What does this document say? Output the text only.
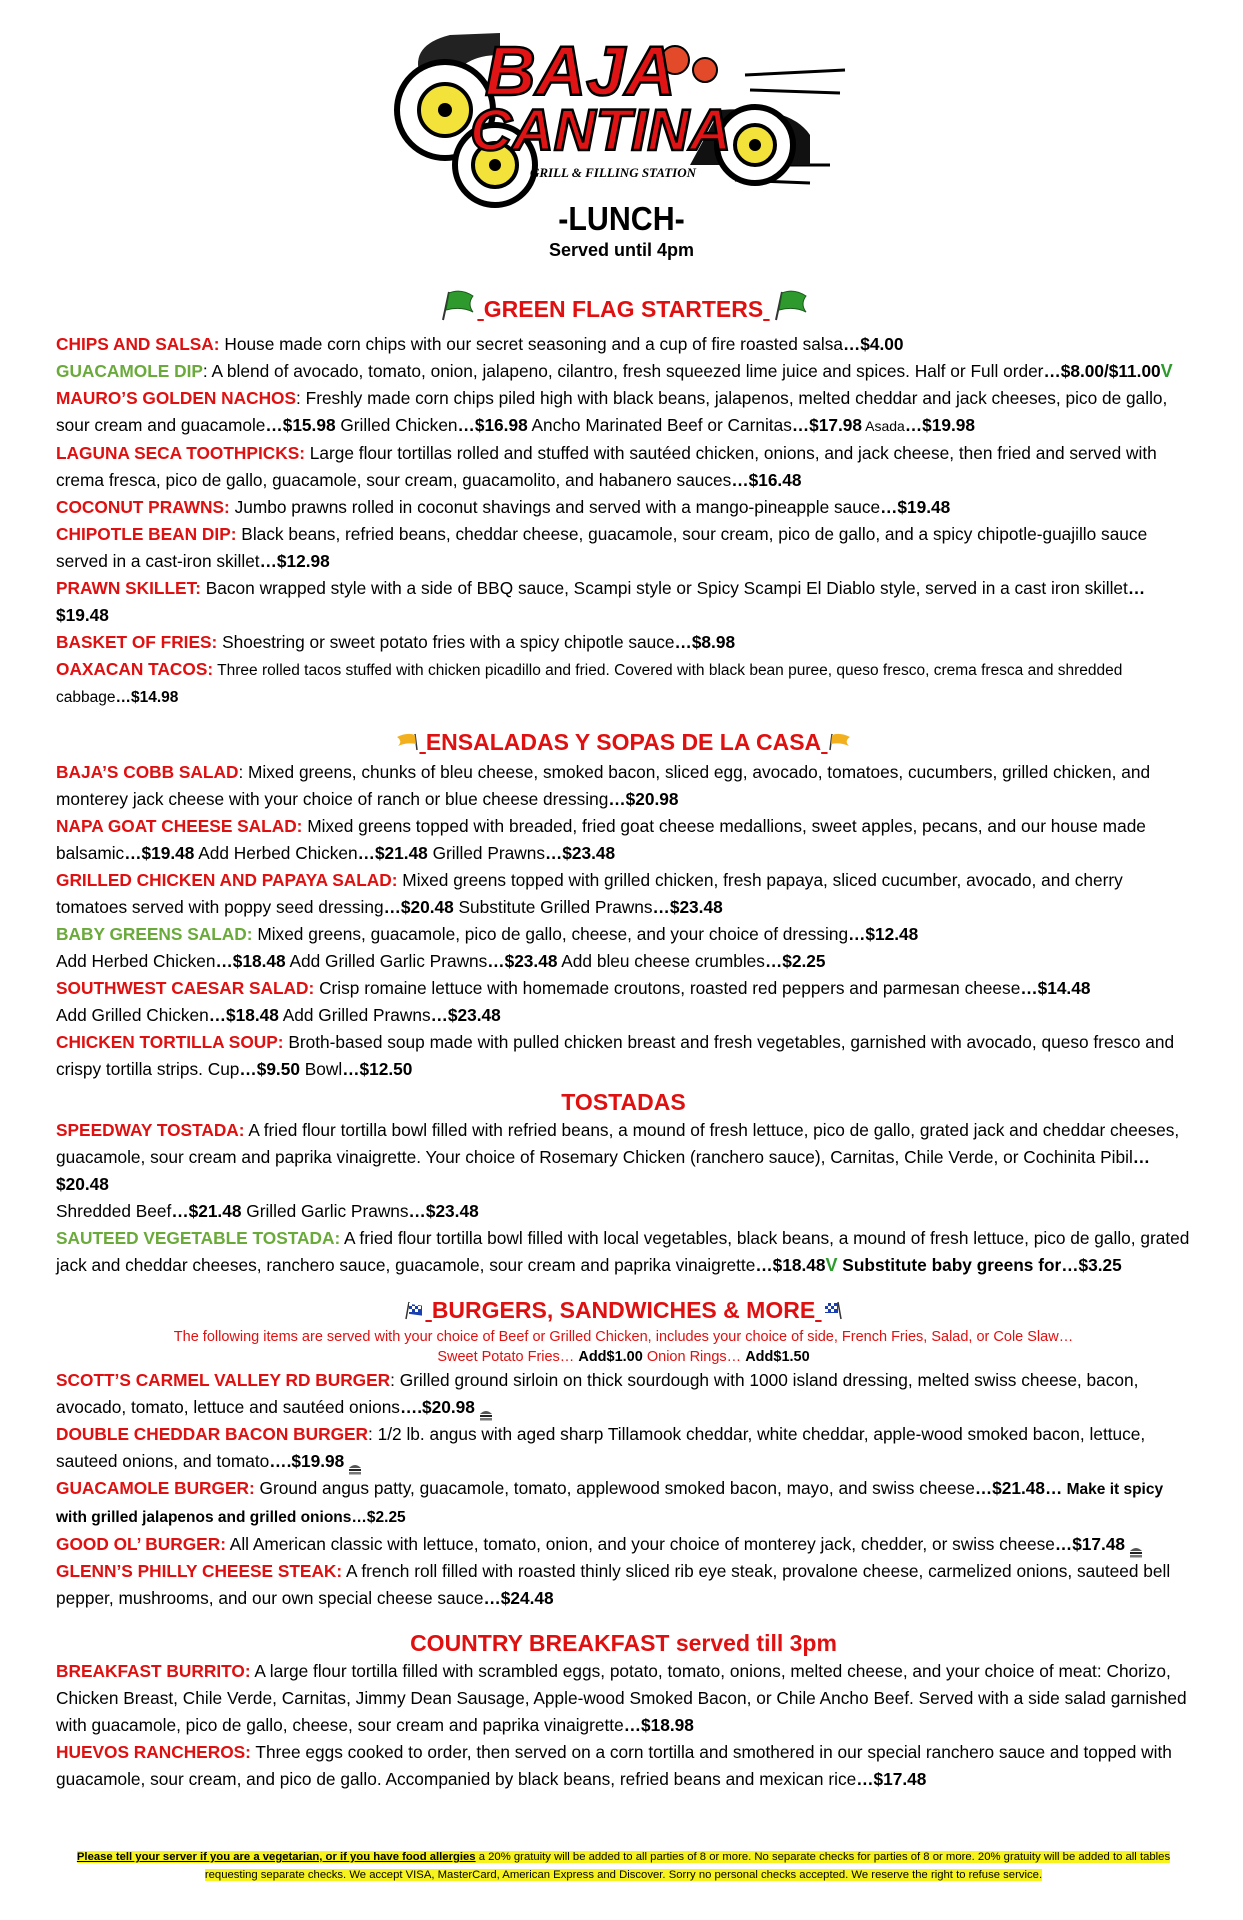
BAJA
CANTINA
GRILL & FILLING STATION
-LUNCH-
Served until 4pm
GREEN FLAG STARTERS

CHIPS AND SALSA: House made corn chips with our secret seasoning and a cup of fire roasted salsa…$4.00

GUACAMOLE DIP: A blend of avocado, tomato, onion, jalapeno, cilantro, fresh squeezed lime juice and spices. Half or Full order…$8.00/$11.00V

MAURO’S GOLDEN NACHOS: Freshly made corn chips piled high with black beans, jalapenos, melted cheddar and jack cheeses, pico de gallo, sour cream and guacamole…$15.98 Grilled Chicken…$16.98 Ancho Marinated Beef or Carnitas…$17.98 Asada…$19.98

LAGUNA SECA TOOTHPICKS: Large flour tortillas rolled and stuffed with sautéed chicken, onions, and jack cheese, then fried and served with crema fresca, pico de gallo, guacamole, sour cream, guacamolito, and habanero sauces…$16.48

COCONUT PRAWNS: Jumbo prawns rolled in coconut shavings and served with a mango-pineapple sauce…$19.48

CHIPOTLE BEAN DIP: Black beans, refried beans, cheddar cheese, guacamole, sour cream, pico de gallo, and a spicy chipotle-guajillo sauce served in a cast-iron skillet…$12.98

PRAWN SKILLET: Bacon wrapped style with a side of BBQ sauce, Scampi style or Spicy Scampi El Diablo style, served in a cast iron skillet…$19.48

BASKET OF FRIES: Shoestring or sweet potato fries with a spicy chipotle sauce…$8.98

OAXACAN TACOS: Three rolled tacos stuffed with chicken picadillo and fried. Covered with black bean puree, queso fresco, crema fresca and shredded cabbage…$14.98

ENSALADAS Y SOPAS DE LA CASA

BAJA’S COBB SALAD: Mixed greens, chunks of bleu cheese, smoked bacon, sliced egg, avocado, tomatoes, cucumbers, grilled chicken, and monterey jack cheese with your choice of ranch or blue cheese dressing…$20.98

NAPA GOAT CHEESE SALAD: Mixed greens topped with breaded, fried goat cheese medallions, sweet apples, pecans, and our house made balsamic…$19.48 Add Herbed Chicken…$21.48 Grilled Prawns…$23.48

GRILLED CHICKEN AND PAPAYA SALAD: Mixed greens topped with grilled chicken, fresh papaya, sliced cucumber, avocado, and cherry tomatoes served with poppy seed dressing…$20.48 Substitute Grilled Prawns…$23.48

BABY GREENS SALAD: Mixed greens, guacamole, pico de gallo, cheese, and your choice of dressing…$12.48
Add Herbed Chicken…$18.48 Add Grilled Garlic Prawns…$23.48 Add bleu cheese crumbles…$2.25

SOUTHWEST CAESAR SALAD: Crisp romaine lettuce with homemade croutons, roasted red peppers and parmesan cheese…$14.48
Add Grilled Chicken…$18.48 Add Grilled Prawns…$23.48

CHICKEN TORTILLA SOUP: Broth-based soup made with pulled chicken breast and fresh vegetables, garnished with avocado, queso fresco and crispy tortilla strips. Cup…$9.50 Bowl…$12.50

TOSTADAS

SPEEDWAY TOSTADA: A fried flour tortilla bowl filled with refried beans, a mound of fresh lettuce, pico de gallo, grated jack and cheddar cheeses, guacamole, sour cream and paprika vinaigrette. Your choice of Rosemary Chicken (ranchero sauce), Carnitas, Chile Verde, or Cochinita Pibil…$20.48
Shredded Beef…$21.48 Grilled Garlic Prawns…$23.48

SAUTEED VEGETABLE TOSTADA: A fried flour tortilla bowl filled with local vegetables, black beans, a mound of fresh lettuce, pico de gallo, grated jack and cheddar cheeses, ranchero sauce, guacamole, sour cream and paprika vinaigrette…$18.48V Substitute baby greens for…$3.25

BURGERS, SANDWICHES & MORE
The following items are served with your choice of Beef or Grilled Chicken, includes your choice of side, French Fries, Salad, or Cole Slaw…
Sweet Potato Fries… Add$1.00 Onion Rings… Add$1.50

SCOTT’S CARMEL VALLEY RD BURGER: Grilled ground sirloin on thick sourdough with 1000 island dressing, melted swiss cheese, bacon, avocado, tomato, lettuce and sautéed onions….$20.98

DOUBLE CHEDDAR BACON BURGER: 1/2 lb. angus with aged sharp Tillamook cheddar, white cheddar, apple-wood smoked bacon, lettuce, sauteed onions, and tomato….$19.98

GUACAMOLE BURGER: Ground angus patty, guacamole, tomato, applewood smoked bacon, mayo, and swiss cheese…$21.48… Make it spicy with grilled jalapenos and grilled onions…$2.25

GOOD OL’ BURGER: All American classic with lettuce, tomato, onion, and your choice of monterey jack, chedder, or swiss cheese…$17.48

GLENN’S PHILLY CHEESE STEAK: A french roll filled with roasted thinly sliced rib eye steak, provalone cheese, carmelized onions, sauteed bell pepper, mushrooms, and our own special cheese sauce…$24.48

COUNTRY BREAKFAST served till 3pm

BREAKFAST BURRITO: A large flour tortilla filled with scrambled eggs, potato, tomato, onions, melted cheese, and your choice of meat: Chorizo, Chicken Breast, Chile Verde, Carnitas, Jimmy Dean Sausage, Apple-wood Smoked Bacon, or Chile Ancho Beef. Served with a side salad garnished with guacamole, pico de gallo, cheese, sour cream and paprika vinaigrette…$18.98

HUEVOS RANCHEROS: Three eggs cooked to order, then served on a corn tortilla and smothered in our special ranchero sauce and topped with guacamole, sour cream, and pico de gallo. Accompanied by black beans, refried beans and mexican rice…$17.48

Please tell your server if you are a vegetarian, or if you have food allergies a 20% gratuity will be added to all parties of 8 or more. No separate checks for parties of 8 or more. 20% gratuity will be added to all tables requesting separate checks. We accept VISA, MasterCard, American Express and Discover. Sorry no personal checks accepted. We reserve the right to refuse service.
